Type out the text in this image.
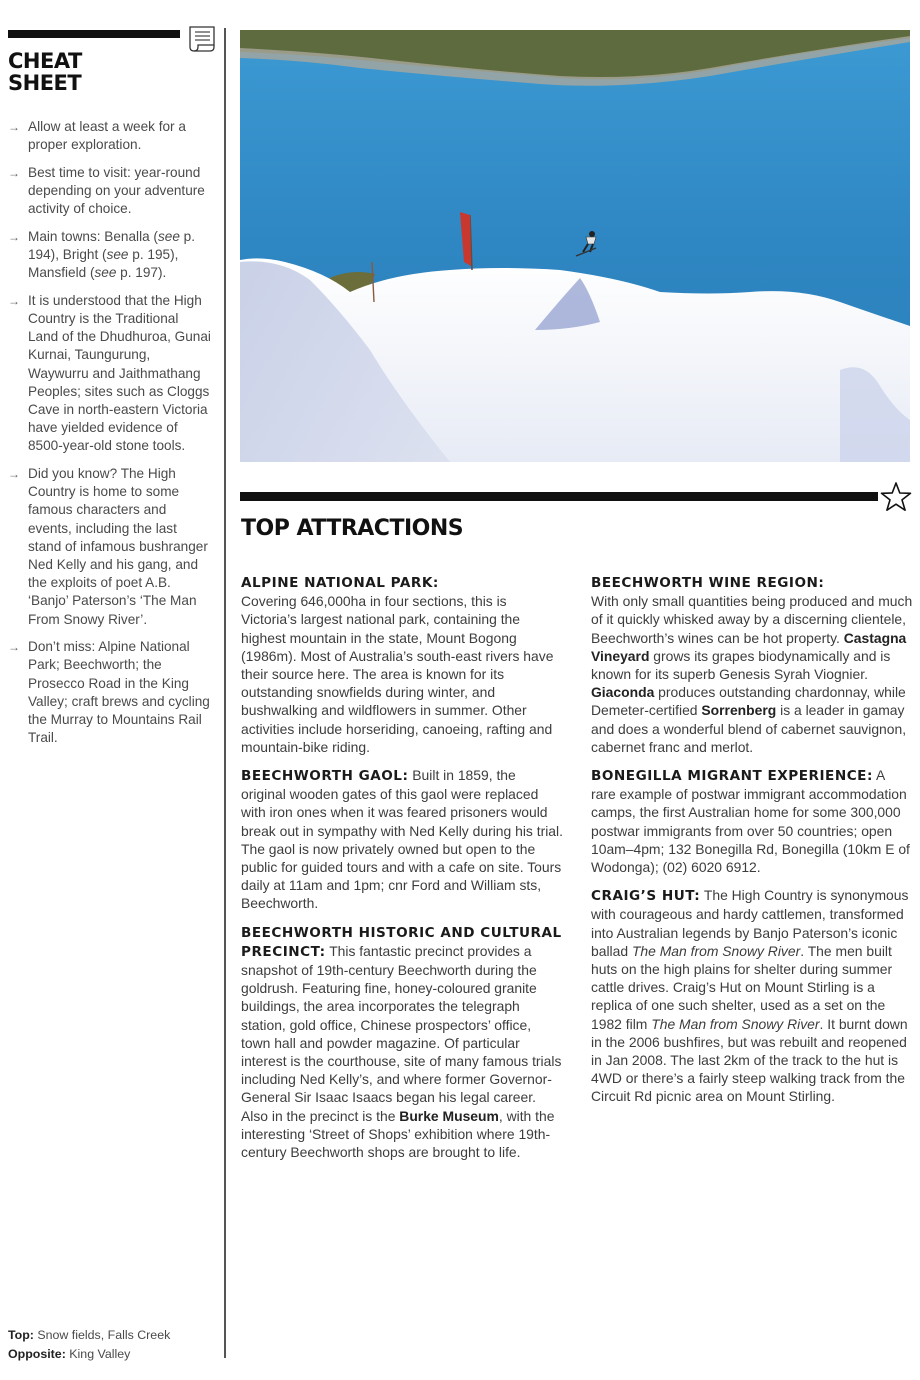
CHEAT
SHEET
→ Allow at least a week for a proper exploration.
→ Best time to visit: year-round depending on your adventure activity of choice.
→ Main towns: Benalla (see p. 194), Bright (see p. 195), Mansfield (see p. 197).
→ It is understood that the High Country is the Traditional Land of the Dhudhuroa, Gunai Kurnai, Taungurung, Waywurru and Jaithmathang Peoples; sites such as Cloggs Cave in north-eastern Victoria have yielded evidence of 8500-year-old stone tools.
→ Did you know? The High Country is home to some famous characters and events, including the last stand of infamous bushranger Ned Kelly and his gang, and the exploits of poet A.B. ‘Banjo’ Paterson’s ‘The Man From Snowy River’.
→ Don’t miss: Alpine National Park; Beechworth; the Prosecco Road in the King Valley; craft brews and cycling the Murray to Mountains Rail Trail.
Top: Snow fields, Falls Creek
Opposite: King Valley
TOP ATTRACTIONS
ALPINE NATIONAL PARK:
Covering 646,000ha in four sections, this is Victoria’s largest national park, containing the highest mountain in the state, Mount Bogong (1986m). Most of Australia’s south-east rivers have their source here. The area is known for its outstanding snowfields during winter, and bushwalking and wildflowers in summer. Other activities include horseriding, canoeing, rafting and mountain-bike riding.
BEECHWORTH GAOL: Built in 1859, the original wooden gates of this gaol were replaced with iron ones when it was feared prisoners would break out in sympathy with Ned Kelly during his trial. The gaol is now privately owned but open to the public for guided tours and with a cafe on site. Tours daily at 11am and 1pm; cnr Ford and William sts, Beechworth.
BEECHWORTH HISTORIC AND CULTURAL PRECINCT: This fantastic precinct provides a snapshot of 19th-century Beechworth during the goldrush. Featuring fine, honey-coloured granite buildings, the area incorporates the telegraph station, gold office, Chinese prospectors’ office, town hall and powder magazine. Of particular interest is the courthouse, site of many famous trials including Ned Kelly’s, and where former Governor-General Sir Isaac Isaacs began his legal career. Also in the precinct is the Burke Museum, with the interesting ‘Street of Shops’ exhibition where 19th-century Beechworth shops are brought to life.
BEECHWORTH WINE REGION:
With only small quantities being produced and much of it quickly whisked away by a discerning clientele, Beechworth’s wines can be hot property. Castagna Vineyard grows its grapes biodynamically and is known for its superb Genesis Syrah Viognier. Giaconda produces outstanding chardonnay, while Demeter-certified Sorrenberg is a leader in gamay and does a wonderful blend of cabernet sauvignon, cabernet franc and merlot.
BONEGILLA MIGRANT EXPERIENCE: A rare example of postwar immigrant accommodation camps, the first Australian home for some 300,000 postwar immigrants from over 50 countries; open 10am–4pm; 132 Bonegilla Rd, Bonegilla (10km E of Wodonga); (02) 6020 6912.
CRAIG’S HUT: The High Country is synonymous with courageous and hardy cattlemen, transformed into Australian legends by Banjo Paterson’s iconic ballad The Man from Snowy River. The men built huts on the high plains for shelter during summer cattle drives. Craig’s Hut on Mount Stirling is a replica of one such shelter, used as a set on the 1982 film The Man from Snowy River. It burnt down in the 2006 bushfires, but was rebuilt and reopened in Jan 2008. The last 2km of the track to the hut is 4WD or there’s a fairly steep walking track from the Circuit Rd picnic area on Mount Stirling.
